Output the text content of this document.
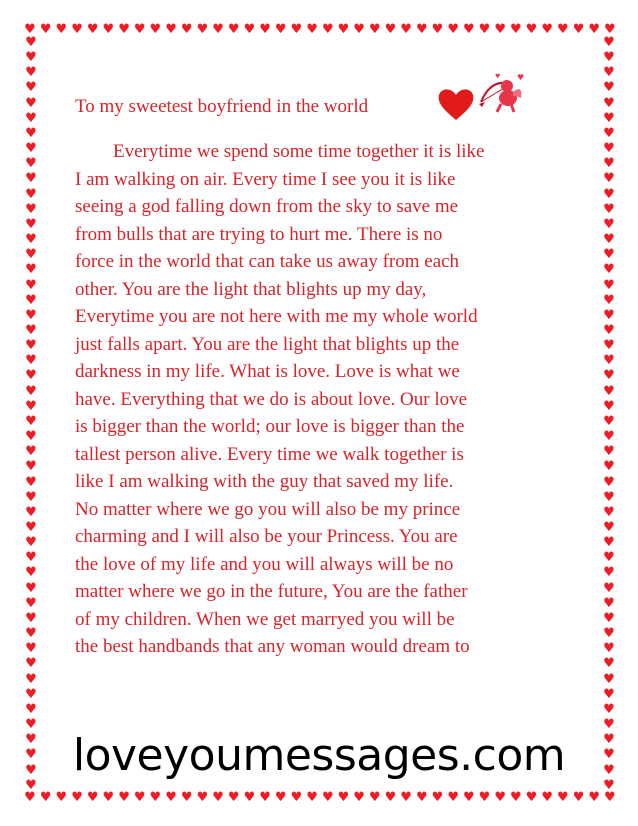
♥ ♥ ♥ ♥ ♥ ♥ ♥ ♥ ♥ ♥ ♥ ♥ ♥ ♥ ♥ ♥ ♥ ♥ ♥ ♥ ♥ ♥ ♥ ♥ ♥ ♥ ♥ ♥ ♥ ♥ ♥ ♥ ♥ ♥ ♥ ♥ ♥ ♥
♥ ♥ ♥ ♥ ♥ ♥ ♥ ♥ ♥ ♥ ♥ ♥ ♥ ♥ ♥ ♥ ♥ ♥ ♥ ♥ ♥ ♥ ♥ ♥ ♥ ♥ ♥ ♥ ♥ ♥ ♥ ♥ ♥ ♥ ♥ ♥ ♥ ♥
♥
♥
♥
♥
♥
♥
♥
♥
♥
♥
♥
♥
♥
♥
♥
♥
♥
♥
♥
♥
♥
♥
♥
♥
♥
♥
♥
♥
♥
♥
♥
♥
♥
♥
♥
♥
♥
♥
♥
♥
♥
♥
♥
♥
♥
♥
♥
♥
♥
♥
♥
♥
♥
♥
♥
♥
♥
♥
♥
♥
♥
♥
♥
♥
♥
♥
♥
♥
♥
♥
♥
♥
♥
♥
♥
♥
♥
♥
♥
♥
♥
♥
♥
♥
♥
♥
♥
♥
♥
♥
♥
♥
♥
♥
♥
♥
♥
♥
♥
♥
To my sweetest boyfriend in the world
♥
♥
Everytime we spend some time together it is like
I am walking on air. Every time I see you it is like
seeing a god falling down from the sky to save me
from bulls that are trying to hurt me. There is no
force in the world that can take us away from each
other. You are the light that blights up my day,
Everytime you are not here with me my whole world
just falls apart. You are the light that blights up the
darkness in my life. What is love. Love is what we
have. Everything that we do is about love. Our love
is bigger than the world; our love is bigger than the
tallest person alive. Every time we walk together is
like I am walking with the guy that saved my life.
No matter where we go you will also be my prince
charming and I will also be your Princess. You are
the love of my life and you will always will be no
matter where we go in the future, You are the father
of my children. When we get marryed you will be
the best handbands that any woman would dream to
loveyoumessages.com
